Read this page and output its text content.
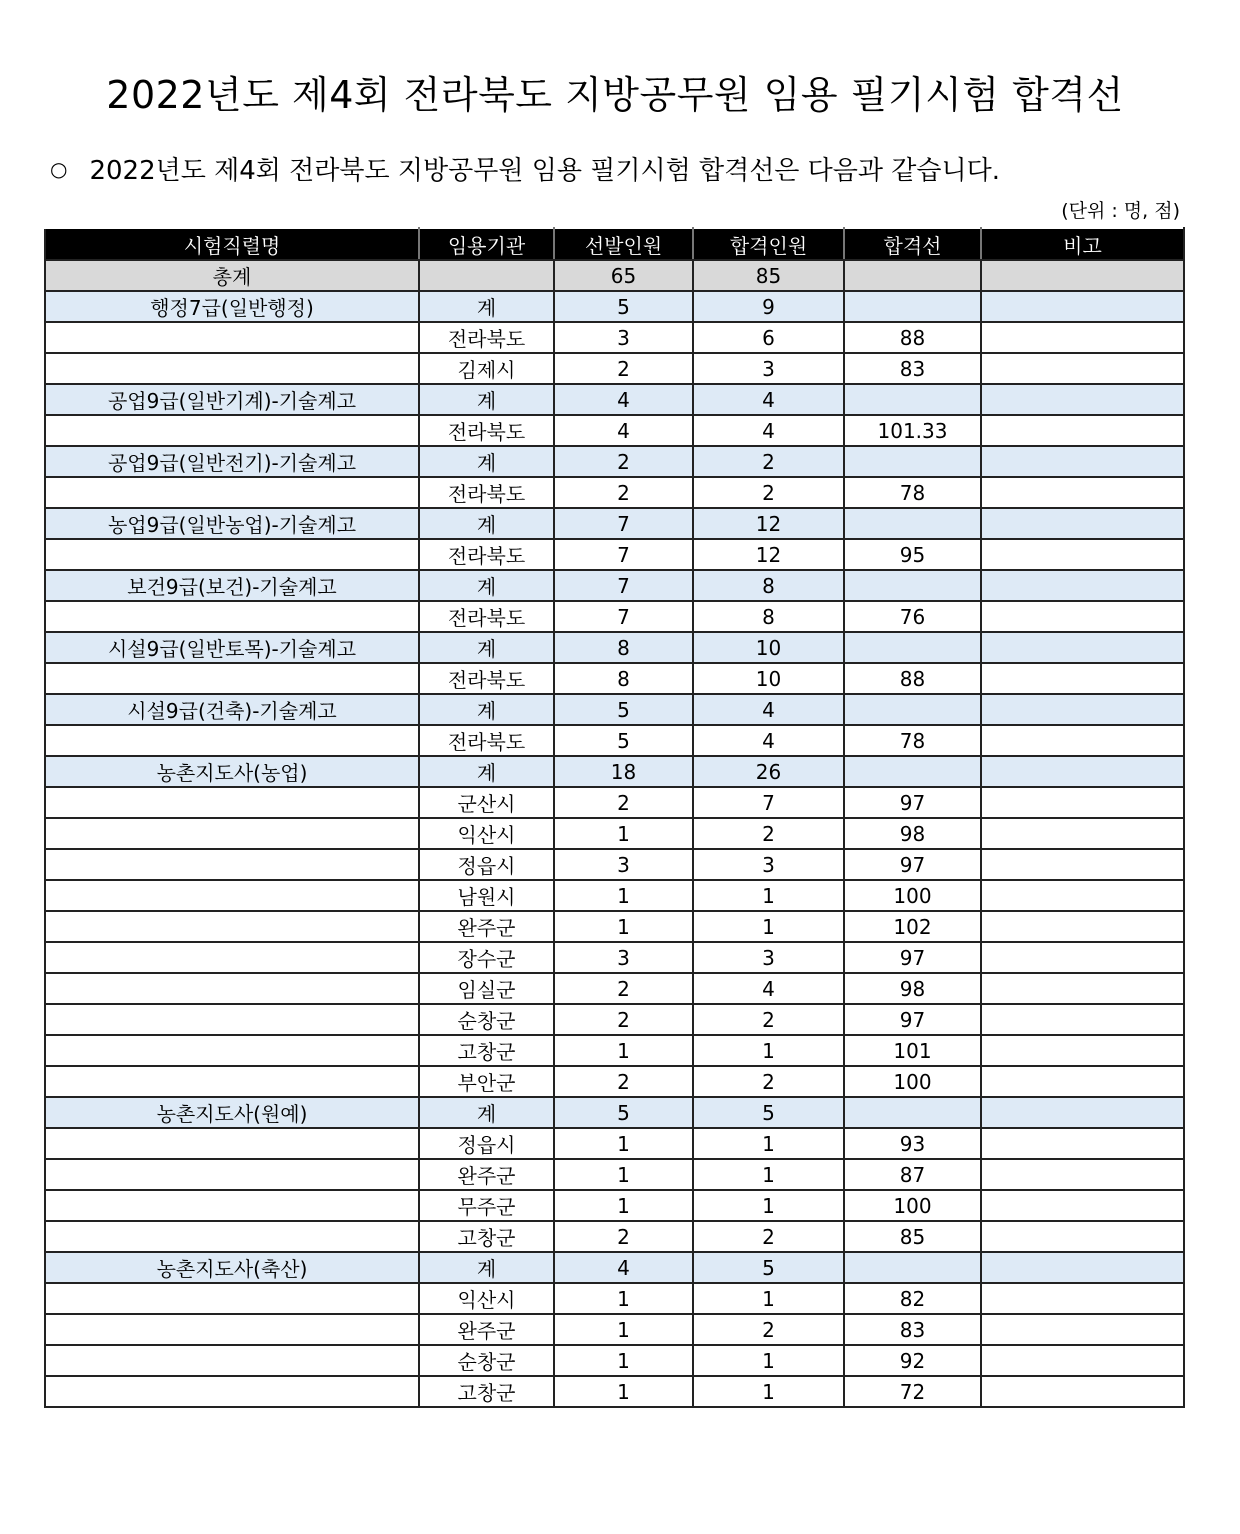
2022년도 제4회 전라북도 지방공무원 임용 필기시험 합격선
○ 2022년도 제4회 전라북도 지방공무원 임용 필기시험 합격선은 다음과 같습니다.
(단위 : 명, 점)
시험직렬명	임용기관	선발인원	합격인원	합격선	비고
총계		65	85		
행정7급(일반행정)	계	5	9		
	전라북도	3	6	88	
	김제시	2	3	83	
공업9급(일반기계)-기술계고	계	4	4		
	전라북도	4	4	101.33	
공업9급(일반전기)-기술계고	계	2	2		
	전라북도	2	2	78	
농업9급(일반농업)-기술계고	계	7	12		
	전라북도	7	12	95	
보건9급(보건)-기술계고	계	7	8		
	전라북도	7	8	76	
시설9급(일반토목)-기술계고	계	8	10		
	전라북도	8	10	88	
시설9급(건축)-기술계고	계	5	4		
	전라북도	5	4	78	
농촌지도사(농업)	계	18	26		
	군산시	2	7	97	
	익산시	1	2	98	
	정읍시	3	3	97	
	남원시	1	1	100	
	완주군	1	1	102	
	장수군	3	3	97	
	임실군	2	4	98	
	순창군	2	2	97	
	고창군	1	1	101	
	부안군	2	2	100	
농촌지도사(원예)	계	5	5		
	정읍시	1	1	93	
	완주군	1	1	87	
	무주군	1	1	100	
	고창군	2	2	85	
농촌지도사(축산)	계	4	5		
	익산시	1	1	82	
	완주군	1	2	83	
	순창군	1	1	92	
	고창군	1	1	72	
